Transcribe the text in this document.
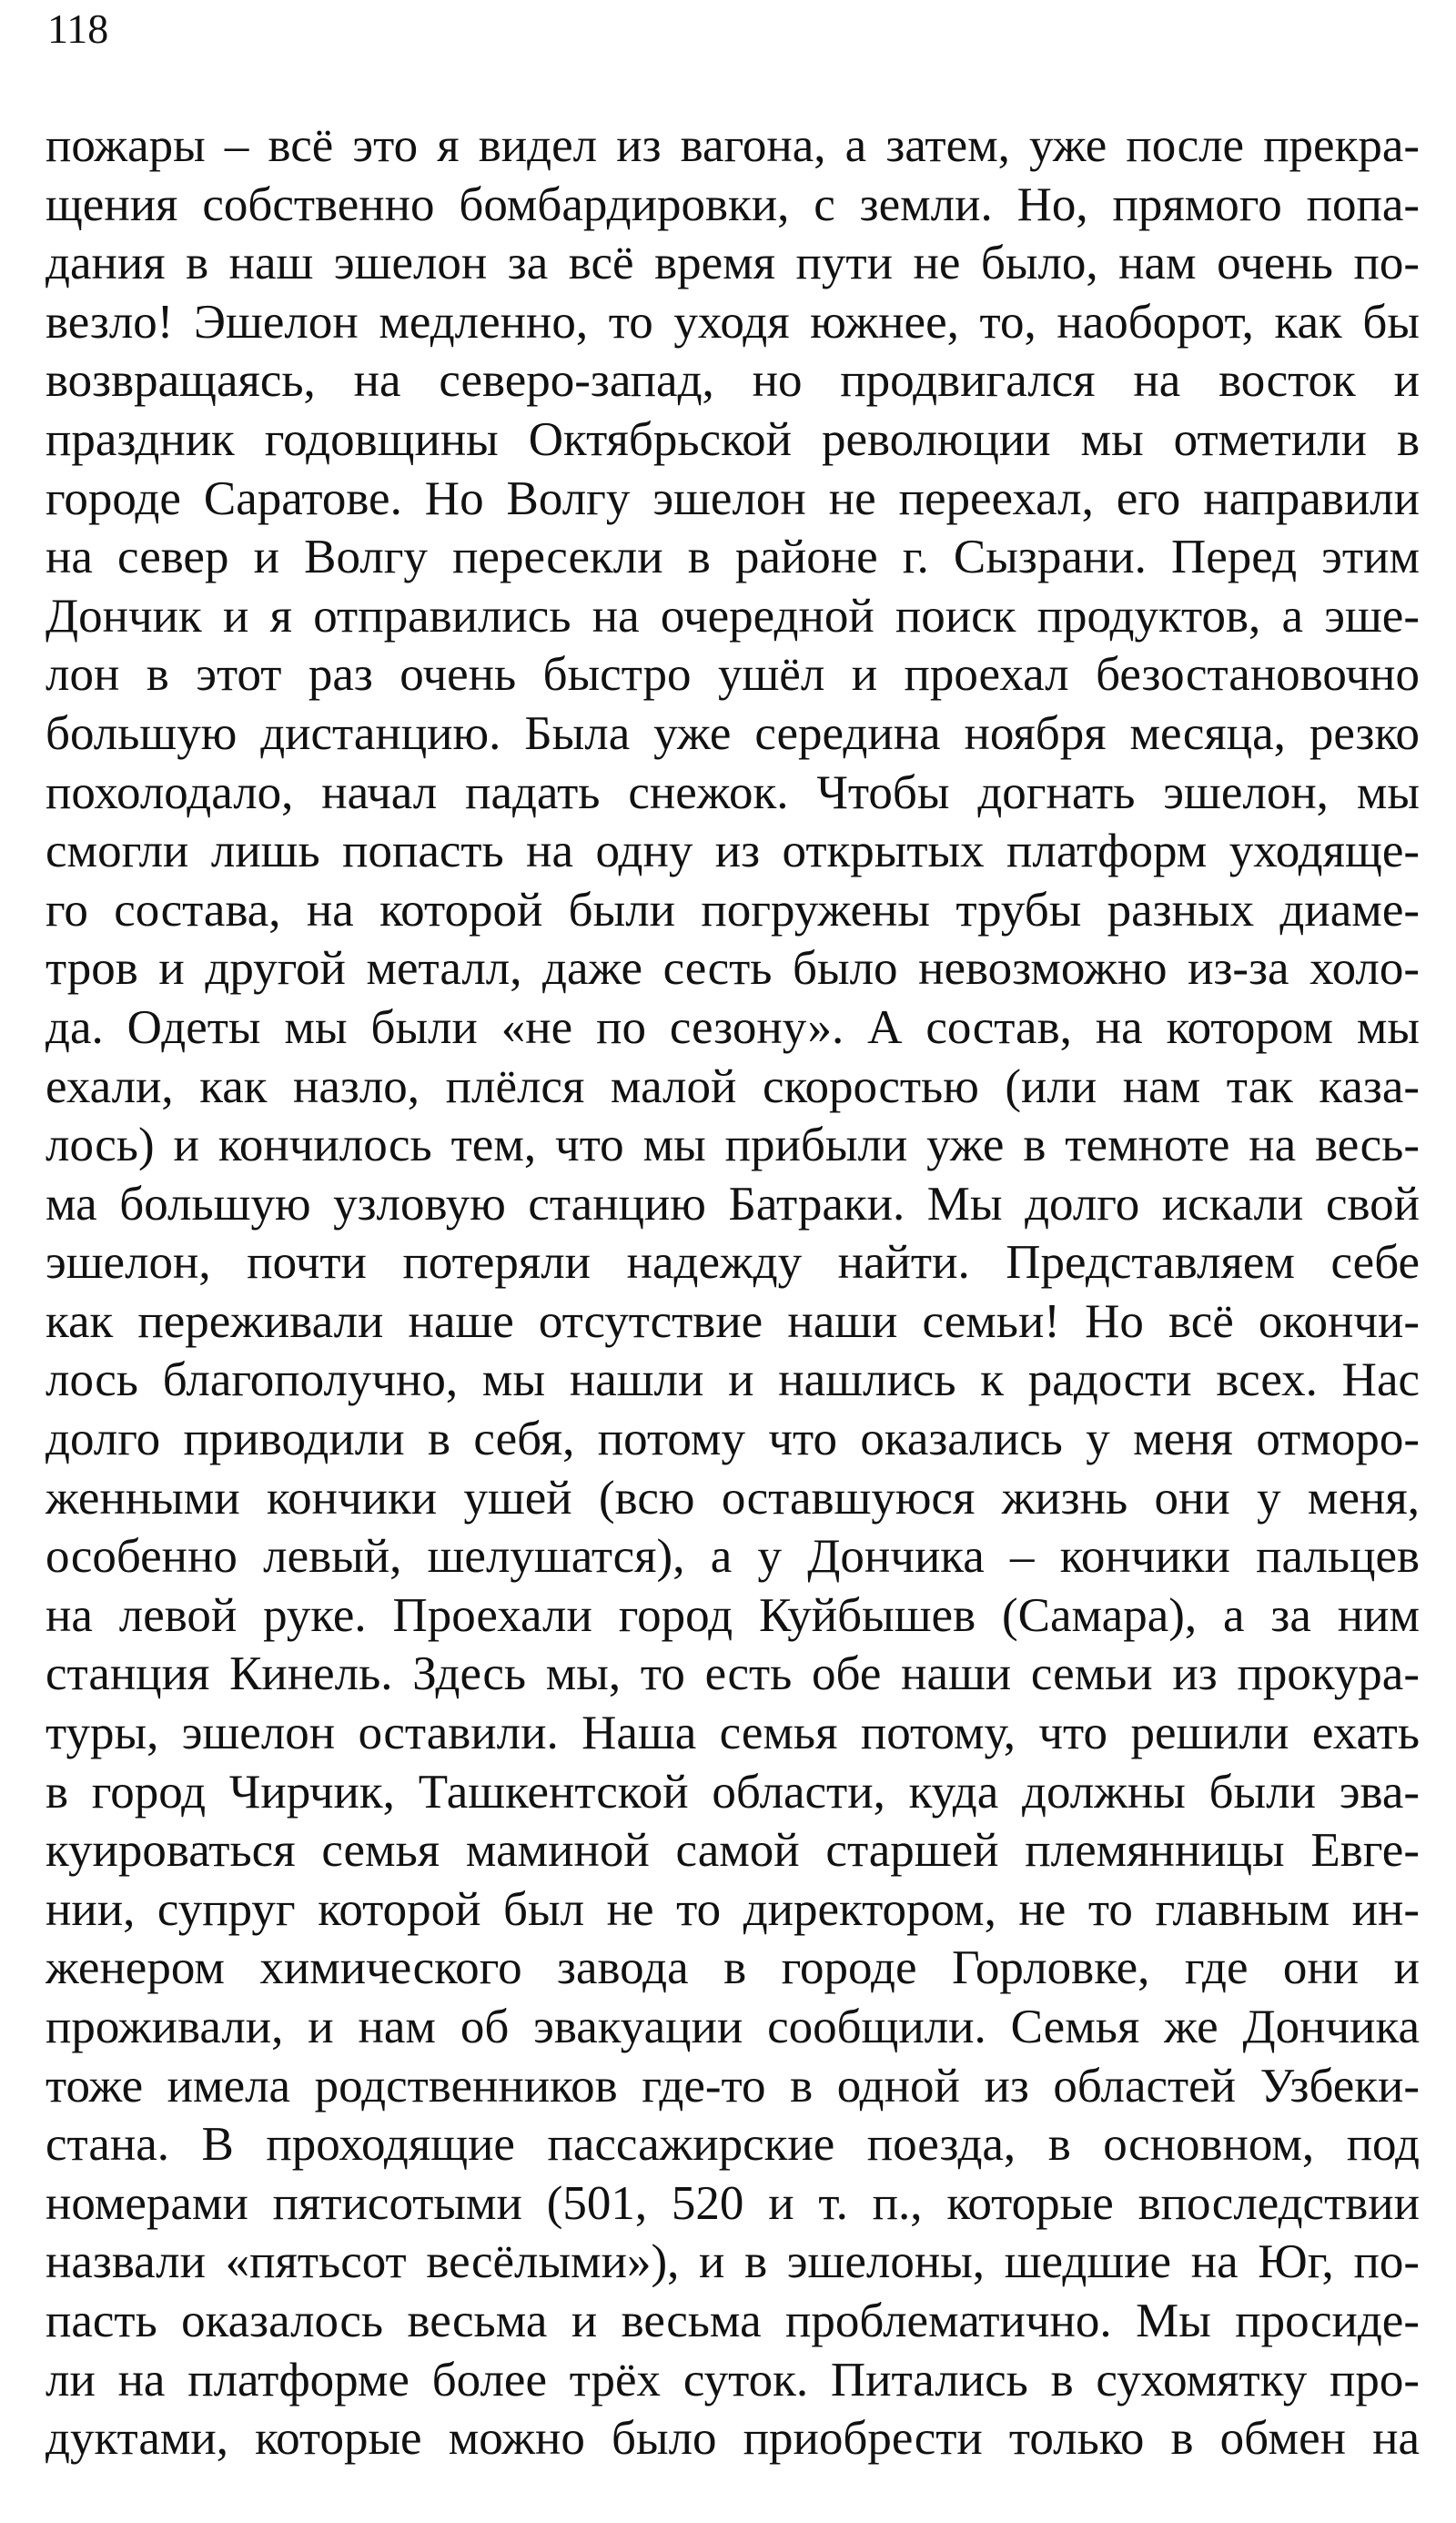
118
пожары – всё это я видел из вагона, а затем, уже после прекра-
щения собственно бомбардировки, с земли. Но, прямого попа-
дания в наш эшелон за всё время пути не было, нам очень по-
везло! Эшелон медленно, то уходя южнее, то, наоборот, как бы
возвращаясь, на северо-запад, но продвигался на восток и
праздник годовщины Октябрьской революции мы отметили в
городе Саратове. Но Волгу эшелон не переехал, его направили
на север и Волгу пересекли в районе г. Сызрани. Перед этим
Дончик и я отправились на очередной поиск продуктов, а эше-
лон в этот раз очень быстро ушёл и проехал безостановочно
большую дистанцию. Была уже середина ноября месяца, резко
похолодало, начал падать снежок. Чтобы догнать эшелон, мы
смогли лишь попасть на одну из открытых платформ уходяще-
го состава, на которой были погружены трубы разных диаме-
тров и другой металл, даже сесть было невозможно из-за холо-
да. Одеты мы были «не по сезону». А состав, на котором мы
ехали, как назло, плёлся малой скоростью (или нам так каза-
лось) и кончилось тем, что мы прибыли уже в темноте на весь-
ма большую узловую станцию Батраки. Мы долго искали свой
эшелон, почти потеряли надежду найти. Представляем себе
как переживали наше отсутствие наши семьи! Но всё окончи-
лось благополучно, мы нашли и нашлись к радости всех. Нас
долго приводили в себя, потому что оказались у меня отморо-
женными кончики ушей (всю оставшуюся жизнь они у меня,
особенно левый, шелушатся), а у Дончика – кончики пальцев
на левой руке. Проехали город Куйбышев (Самара), а за ним
станция Кинель. Здесь мы, то есть обе наши семьи из прокура-
туры, эшелон оставили. Наша семья потому, что решили ехать
в город Чирчик, Ташкентской области, куда должны были эва-
куироваться семья маминой самой старшей племянницы Евге-
нии, супруг которой был не то директором, не то главным ин-
женером химического завода в городе Горловке, где они и
проживали, и нам об эвакуации сообщили. Семья же Дончика
тоже имела родственников где-то в одной из областей Узбеки-
стана. В проходящие пассажирские поезда, в основном, под
номерами пятисотыми (501, 520 и т. п., которые впоследствии
назвали «пятьсот весёлыми»), и в эшелоны, шедшие на Юг, по-
пасть оказалось весьма и весьма проблематично. Мы просиде-
ли на платформе более трёх суток. Питались в сухомятку про-
дуктами, которые можно было приобрести только в обмен на
